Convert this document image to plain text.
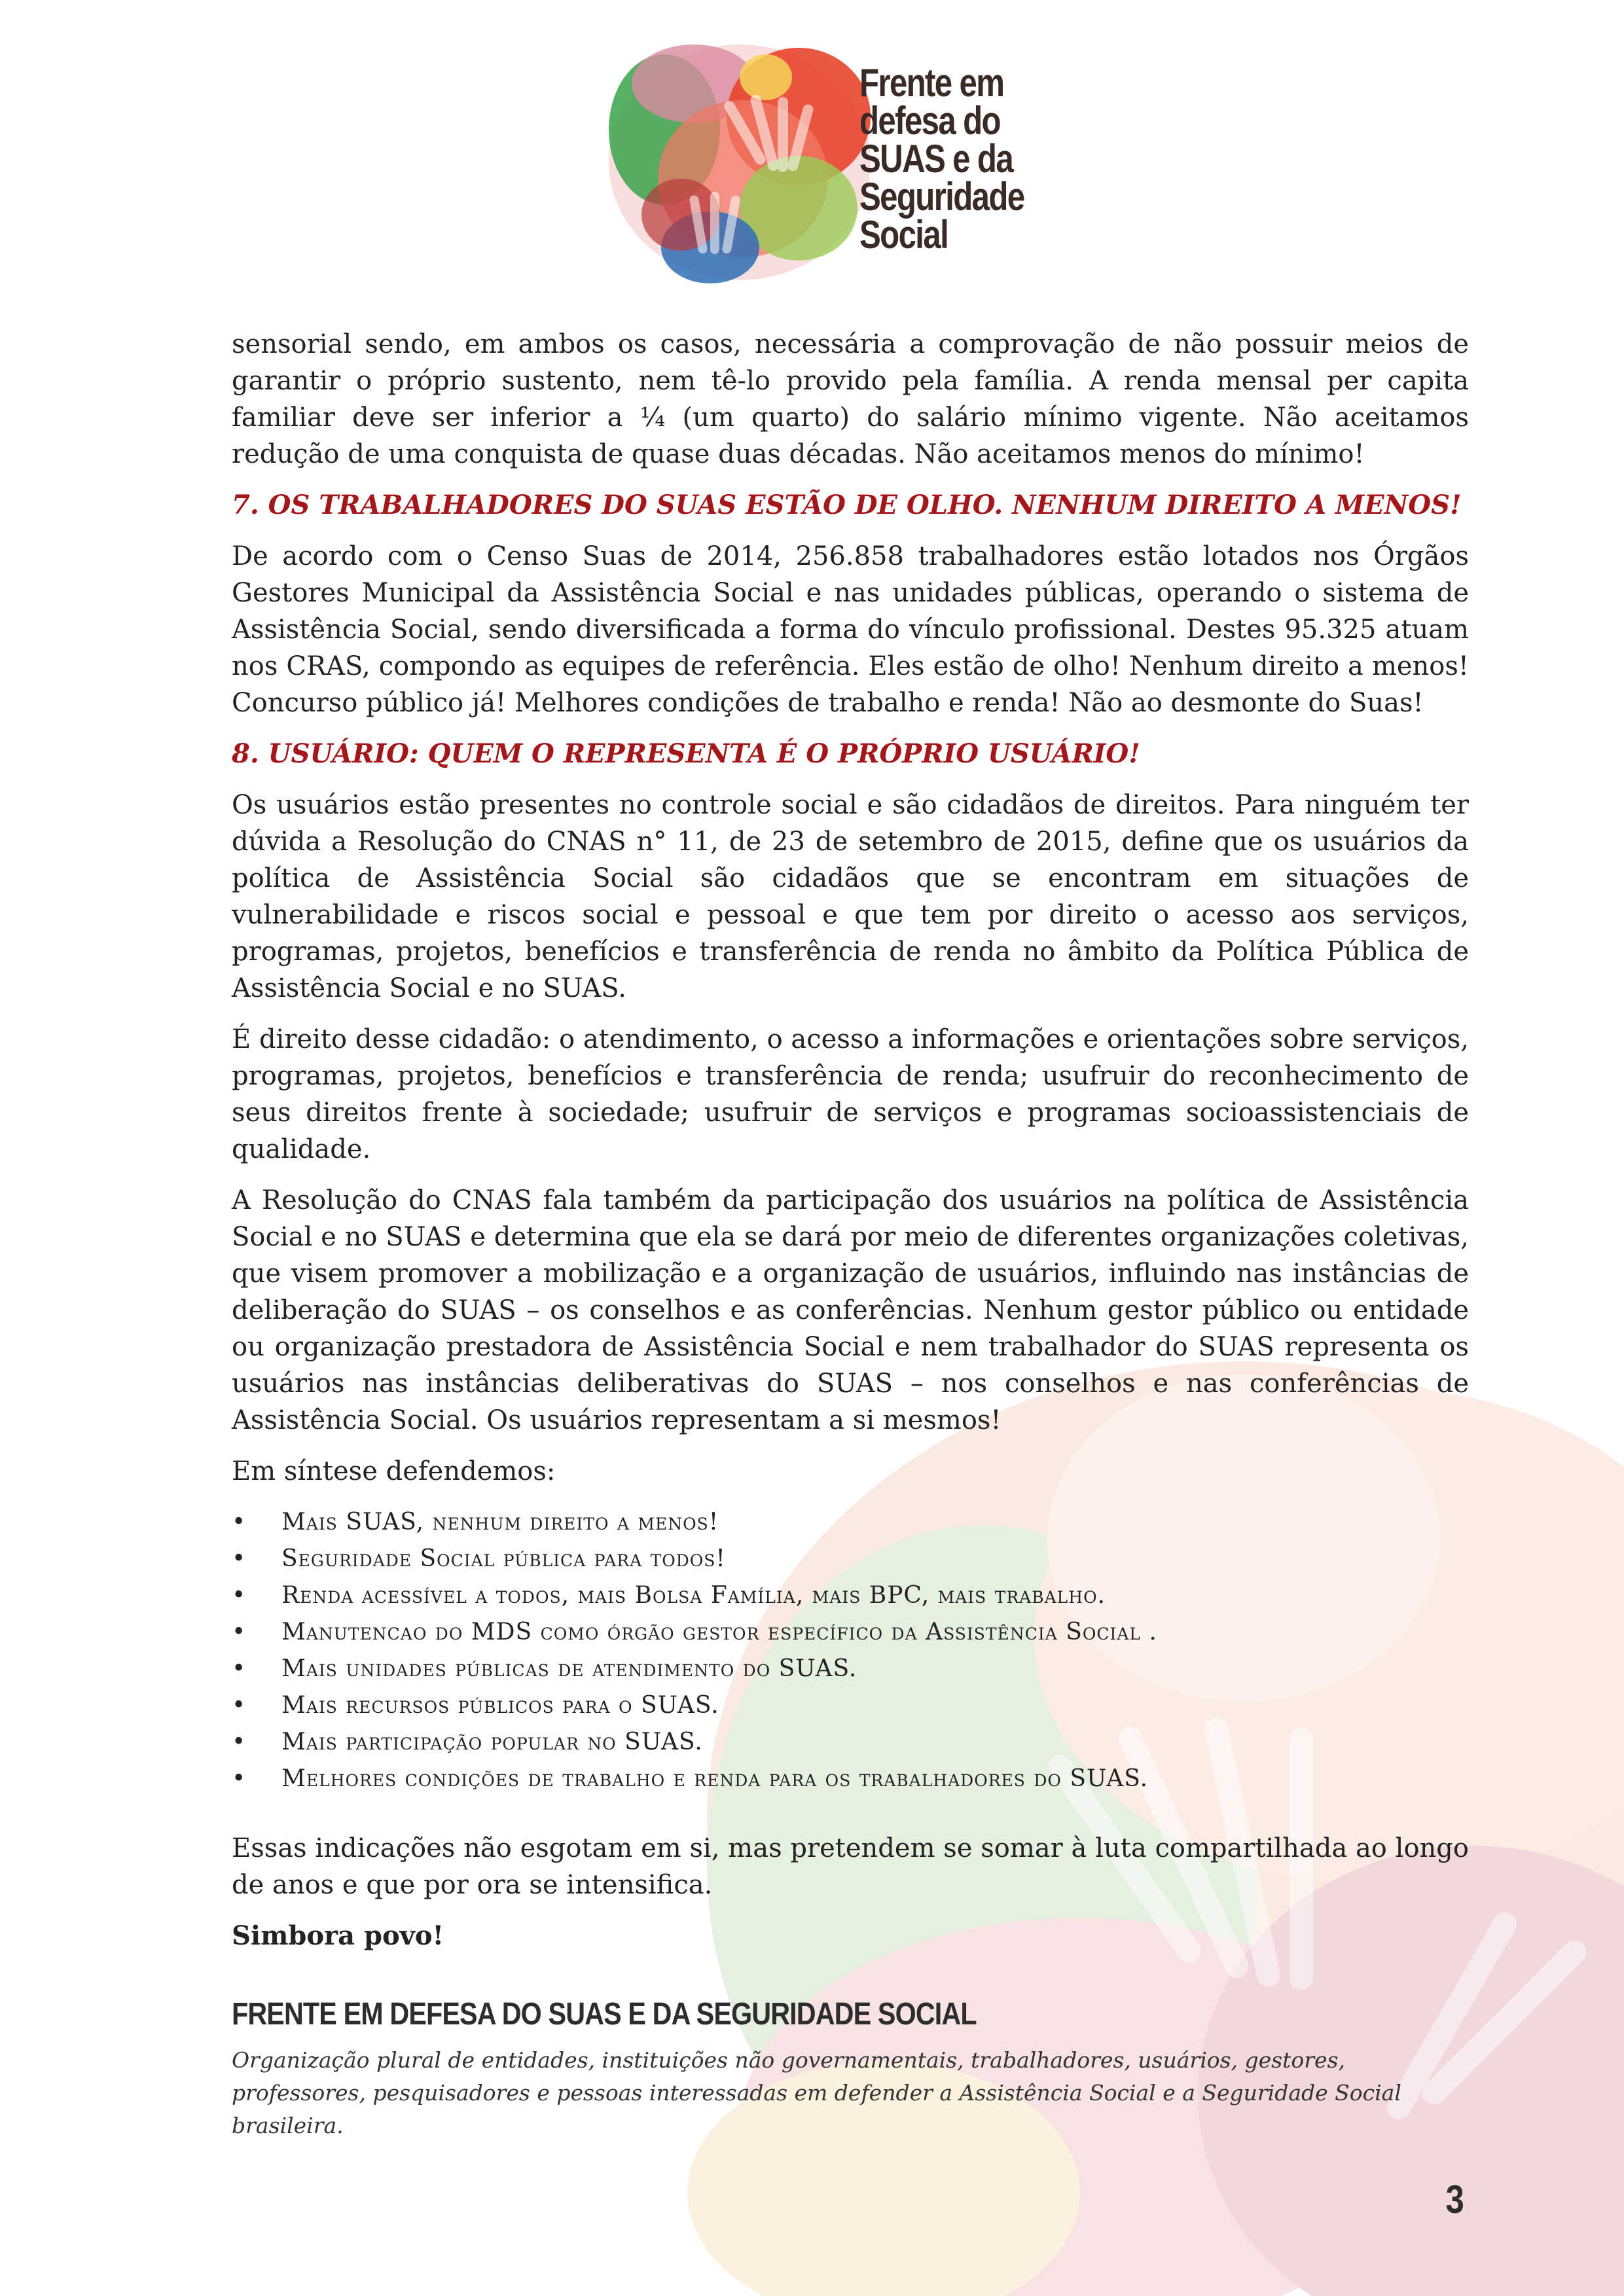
Frente em
defesa do
SUAS e da
Seguridade
Social

sensorial sendo, em ambos os casos, necessária a comprovação de não possuir meios de garantir o próprio sustento, nem tê-lo provido pela família. A renda mensal per capita familiar deve ser inferior a ¼ (um quarto) do salário mínimo vigente. Não aceitamos redução de uma conquista de quase duas décadas. Não aceitamos menos do mínimo!

7. OS TRABALHADORES DO SUAS ESTÃO DE OLHO. NENHUM DIREITO A MENOS!

De acordo com o Censo Suas de 2014, 256.858 trabalhadores estão lotados nos Órgãos Gestores Municipal da Assistência Social e nas unidades públicas, operando o sistema de Assistência Social, sendo diversificada a forma do vínculo profissional. Destes 95.325 atuam nos CRAS, compondo as equipes de referência. Eles estão de olho! Nenhum direito a menos! Concurso público já! Melhores condições de trabalho e renda! Não ao desmonte do Suas!

8. USUÁRIO: QUEM O REPRESENTA É O PRÓPRIO USUÁRIO!

Os usuários estão presentes no controle social e são cidadãos de direitos. Para ninguém ter dúvida a Resolução do CNAS n° 11, de 23 de setembro de 2015, define que os usuários da política de Assistência Social são cidadãos que se encontram em situações de vulnerabilidade e riscos social e pessoal e que tem por direito o acesso aos serviços, programas, projetos, benefícios e transferência de renda no âmbito da Política Pública de Assistência Social e no SUAS.

É direito desse cidadão: o atendimento, o acesso a informações e orientações sobre serviços, programas, projetos, benefícios e transferência de renda; usufruir do reconhecimento de seus direitos frente à sociedade; usufruir de serviços e programas socioassistenciais de qualidade.

A Resolução do CNAS fala também da participação dos usuários na política de Assistência Social e no SUAS e determina que ela se dará por meio de diferentes organizações coletivas, que visem promover a mobilização e a organização de usuários, influindo nas instâncias de deliberação do SUAS – os conselhos e as conferências. Nenhum gestor público ou entidade ou organização prestadora de Assistência Social e nem trabalhador do SUAS representa os usuários nas instâncias deliberativas do SUAS – nos conselhos e nas conferências de Assistência Social. Os usuários representam a si mesmos!

Em síntese defendemos:

• Mais SUAS, nenhum direito a menos!
• Seguridade Social pública para todos!
• Renda acessível a todos, mais Bolsa Família, mais BPC, mais trabalho.
• Manutencao do MDS como órgão gestor específico da Assistência Social .
• Mais unidades públicas de atendimento do SUAS.
• Mais recursos públicos para o SUAS.
• Mais participação popular no SUAS.
• Melhores condições de trabalho e renda para os trabalhadores do SUAS.

Essas indicações não esgotam em si, mas pretendem se somar à luta compartilhada ao longo de anos e que por ora se intensifica.

Simbora povo!

FRENTE EM DEFESA DO SUAS E DA SEGURIDADE SOCIAL

Organização plural de entidades, instituições não governamentais, trabalhadores, usuários, gestores, professores, pesquisadores e pessoas interessadas em defender a Assistência Social e a Seguridade Social brasileira.

3
